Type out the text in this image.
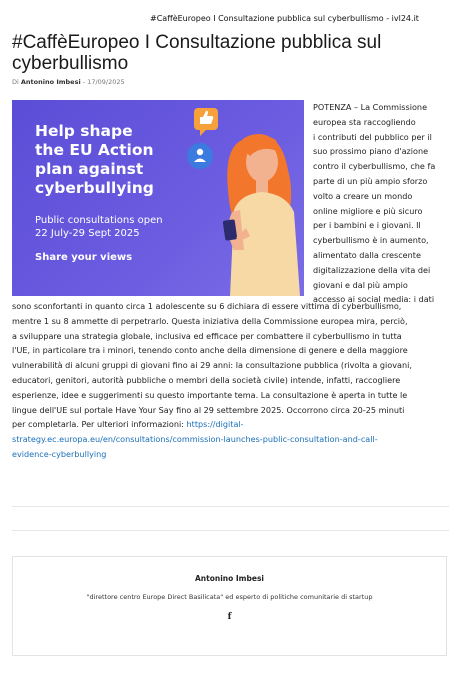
#CaffèEuropeo I Consultazione pubblica sul cyberbullismo - ivl24.it
#CaffèEuropeo I Consultazione pubblica sul
cyberbullismo
Di Antonino Imbesi - 17/09/2025
Help shape
the EU Action
plan against
cyberbullying
Public consultations open
22 July-29 Sept 2025
Share your views
POTENZA – La Commissione
europea sta raccogliendo
i contributi del pubblico per il
suo prossimo piano d'azione
contro il cyberbullismo, che fa
parte di un più ampio sforzo
volto a creare un mondo
online migliore e più sicuro
per i bambini e i giovani. Il
cyberbullismo è in aumento,
alimentato dalla crescente
digitalizzazione della vita dei
giovani e dal più ampio
accesso ai social media: i dati
sono sconfortanti in quanto circa 1 adolescente su 6 dichiara di essere vittima di cyberbullismo,
mentre 1 su 8 ammette di perpetrarlo. Questa iniziativa della Commissione europea mira, perciò,
a sviluppare una strategia globale, inclusiva ed efficace per combattere il cyberbullismo in tutta
l'UE, in particolare tra i minori, tenendo conto anche della dimensione di genere e della maggiore
vulnerabilità di alcuni gruppi di giovani fino ai 29 anni: la consultazione pubblica (rivolta a giovani,
educatori, genitori, autorità pubbliche o membri della società civile) intende, infatti, raccogliere
esperienze, idee e suggerimenti su questo importante tema. La consultazione è aperta in tutte le
lingue dell'UE sul portale Have Your Say fino al 29 settembre 2025. Occorrono circa 20-25 minuti
per completarla. Per ulteriori informazioni: https://digital-
strategy.ec.europa.eu/en/consultations/commission-launches-public-consultation-and-call-
evidence-cyberbullying
Antonino Imbesi
"direttore centro Europe Direct Basilicata" ed esperto di politiche comunitarie di startup
f
